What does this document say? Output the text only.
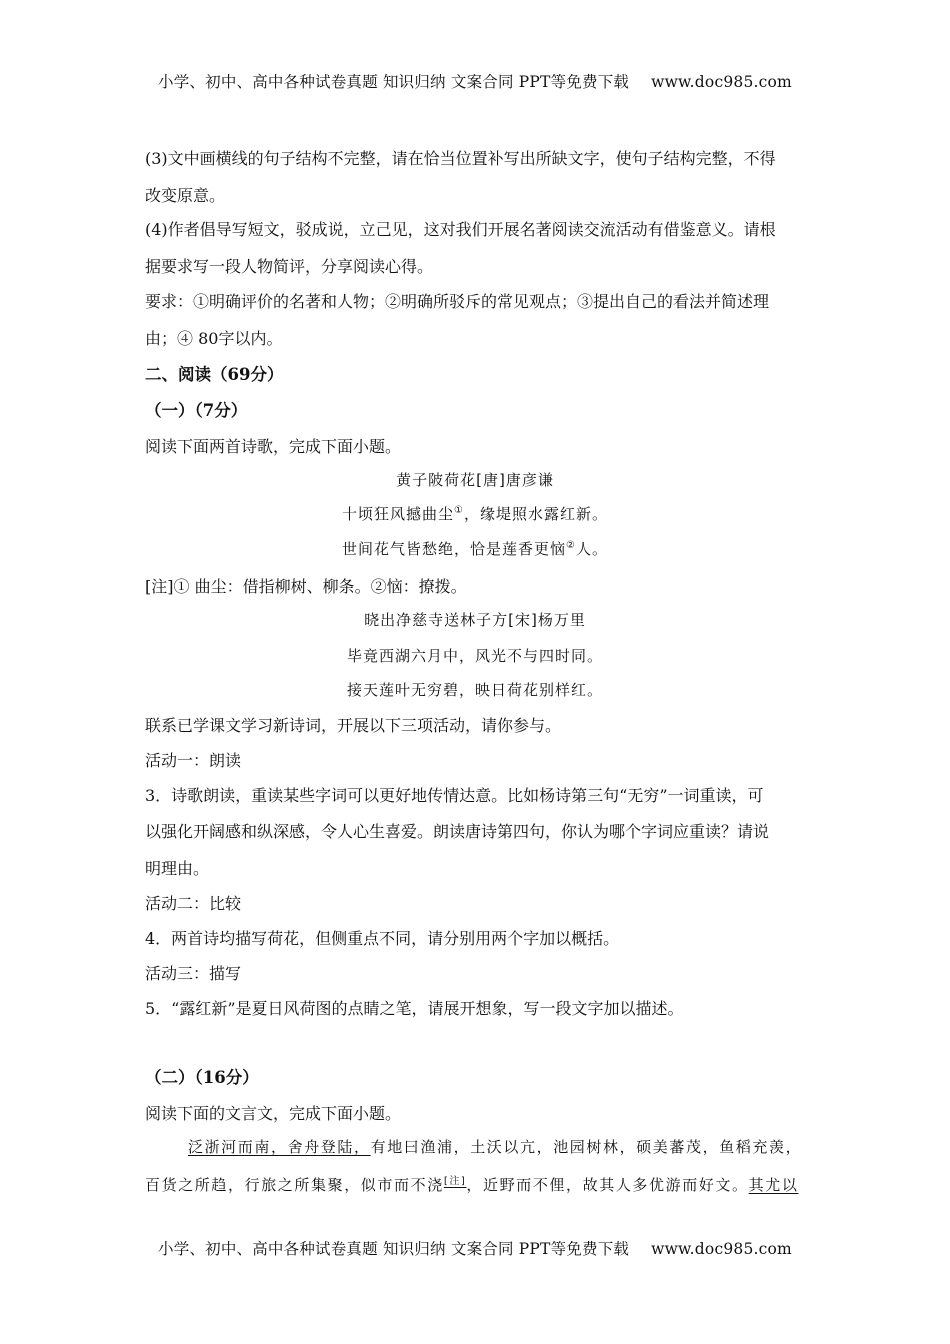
小学、初中、高中各种试卷真题 知识归纳 文案合同 PPT等免费下载 www.doc985.com
(3)文中画横线的句子结构不完整，请在恰当位置补写出所缺文字，使句子结构完整，不得
改变原意。
(4)作者倡导写短文，驳成说，立己见，这对我们开展名著阅读交流活动有借鉴意义。请根
据要求写一段人物简评，分享阅读心得。
要求：①明确评价的名著和人物；②明确所驳斥的常见观点；③提出自己的看法并简述理
由；④ 80字以内。
二、阅读（69分）
（一）（7分）
阅读下面两首诗歌，完成下面小题。
黄子陂荷花[唐]唐彦谦
十顷狂风撼曲尘①，缘堤照水露红新。
世间花气皆愁绝，恰是莲香更恼②人。
[注]① 曲尘：借指柳树、柳条。②恼：撩拨。
晓出净慈寺送林子方[宋]杨万里
毕竟西湖六月中，风光不与四时同。
接天莲叶无穷碧，映日荷花别样红。
联系已学课文学习新诗词，开展以下三项活动，请你参与。
活动一：朗读
3．诗歌朗读，重读某些字词可以更好地传情达意。比如杨诗第三句“无穷”一词重读，可
以强化开阔感和纵深感，令人心生喜爱。朗读唐诗第四句，你认为哪个字词应重读？请说
明理由。
活动二：比较
4．两首诗均描写荷花，但侧重点不同，请分别用两个字加以概括。
活动三：描写
5．“露红新”是夏日风荷图的点睛之笔，请展开想象，写一段文字加以描述。
（二）（16分）
阅读下面的文言文，完成下面小题。
泛浙河而南，舍舟登陆，有地曰渔浦，土沃以亢，池园树林，硕美蕃茂，鱼稻充羡，
百货之所趋，行旅之所集聚，似市而不浇[注]，近野而不俚，故其人多优游而好文。其尤以
小学、初中、高中各种试卷真题 知识归纳 文案合同 PPT等免费下载 www.doc985.com
